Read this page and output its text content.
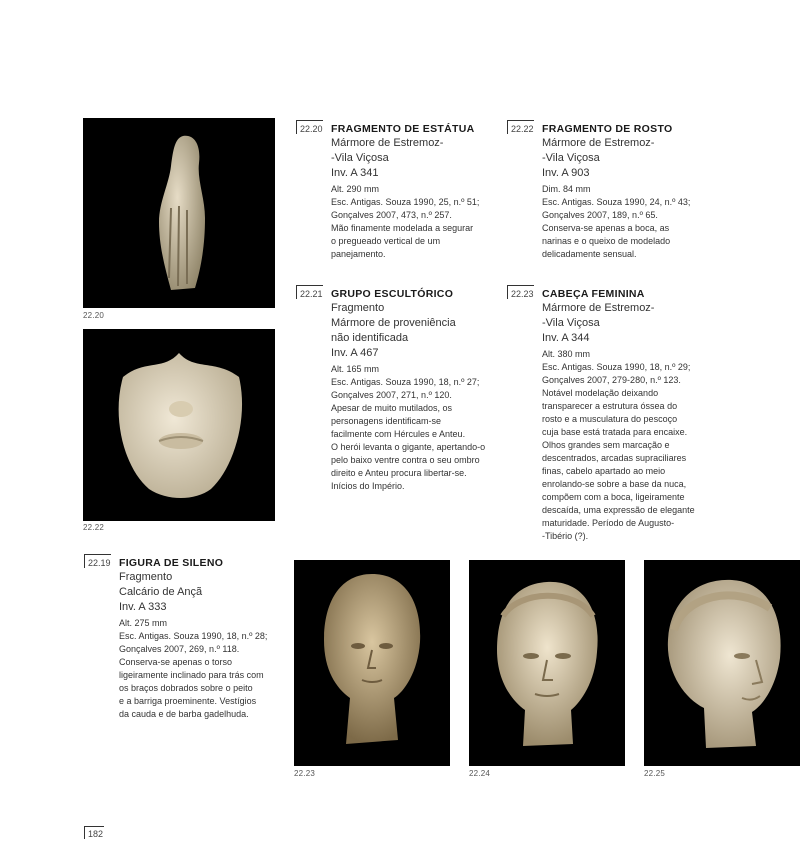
22.20
22.22
22.20 FRAGMENTO DE ESTÁTUA
Mármore de Estremoz-
-Vila Viçosa
Inv. A 341
Alt. 290 mm
Esc. Antigas. Souza 1990, 25, n.º 51;
Gonçalves 2007, 473, n.º 257.
Mão finamente modelada a segurar
o pregueado vertical de um
panejamento.
22.22 FRAGMENTO DE ROSTO
Mármore de Estremoz-
-Vila Viçosa
Inv. A 903
Dim. 84 mm
Esc. Antigas. Souza 1990, 24, n.º 43;
Gonçalves 2007, 189, n.º 65.
Conserva-se apenas a boca, as
narinas e o queixo de modelado
delicadamente sensual.
22.21 GRUPO ESCULTÓRICO
Fragmento
Mármore de proveniência
não identificada
Inv. A 467
Alt. 165 mm
Esc. Antigas. Souza 1990, 18, n.º 27;
Gonçalves 2007, 271, n.º 120.
Apesar de muito mutilados, os
personagens identificam-se
facilmente com Hércules e Anteu.
O herói levanta o gigante, apertando-o
pelo baixo ventre contra o seu ombro
direito e Anteu procura libertar-se.
Inícios do Império.
22.23 CABEÇA FEMININA
Mármore de Estremoz-
-Vila Viçosa
Inv. A 344
Alt. 380 mm
Esc. Antigas. Souza 1990, 18, n.º 29;
Gonçalves 2007, 279-280, n.º 123.
Notável modelação deixando
transparecer a estrutura óssea do
rosto e a musculatura do pescoço
cuja base está tratada para encaixe.
Olhos grandes sem marcação e
descentrados, arcadas supraciliares
finas, cabelo apartado ao meio
enrolando-se sobre a base da nuca,
compõem com a boca, ligeiramente
descaída, uma expressão de elegante
maturidade. Período de Augusto-
-Tibério (?).
22.19 FIGURA DE SILENO
Fragmento
Calcário de Ançã
Inv. A 333
Alt. 275 mm
Esc. Antigas. Souza 1990, 18, n.º 28;
Gonçalves 2007, 269, n.º 118.
Conserva-se apenas o torso
ligeiramente inclinado para trás com
os braços dobrados sobre o peito
e a barriga proeminente. Vestígios
da cauda e de barba gadelhuda.
22.23	22.24	22.25
182
